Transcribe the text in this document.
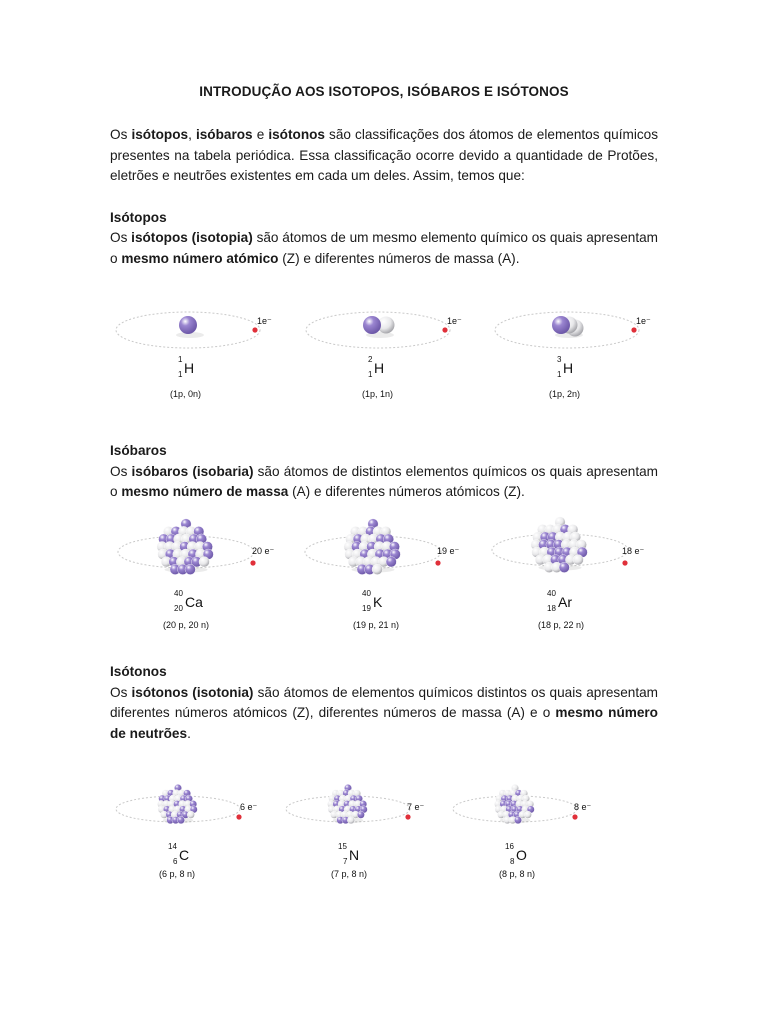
INTRODUÇÃO AOS ISOTOPOS, ISÓBAROS E ISÓTONOS

Os isótopos, isóbaros e isótonos são classificações dos átomos de elementos químicos presentes na tabela periódica. Essa classificação ocorre devido a quantidade de Protões, eletrões e neutrões existentes em cada um deles. Assim, temos que:

Isótopos

Os isótopos (isotopia) são átomos de um mesmo elemento químico os quais apresentam o mesmo número atómico (Z) e diferentes números de massa (A).

Isóbaros

Os isóbaros (isobaria) são átomos de distintos elementos químicos os quais apresentam o mesmo número de massa (A) e diferentes números atómicos (Z).

Isótonos

Os isótonos (isotonia) são átomos de elementos químicos distintos os quais apresentam diferentes números atómicos (Z), diferentes números de massa (A) e o mesmo número de neutrões.

1e⁻
1
1 H
(1p, 0n)
1e⁻
2
1 H
(1p, 1n)
1e⁻
3
1 H
(1p, 2n)
20 e⁻
40
20 Ca
(20 p, 20 n)
19 e⁻
40
19 K
(19 p, 21 n)
18 e⁻
40
18 Ar
(18 p, 22 n)
6 e⁻
14
6 C
(6 p, 8 n)
7 e⁻
15
7 N
(7 p, 8 n)
8 e⁻
16
8 O
(8 p, 8 n)
